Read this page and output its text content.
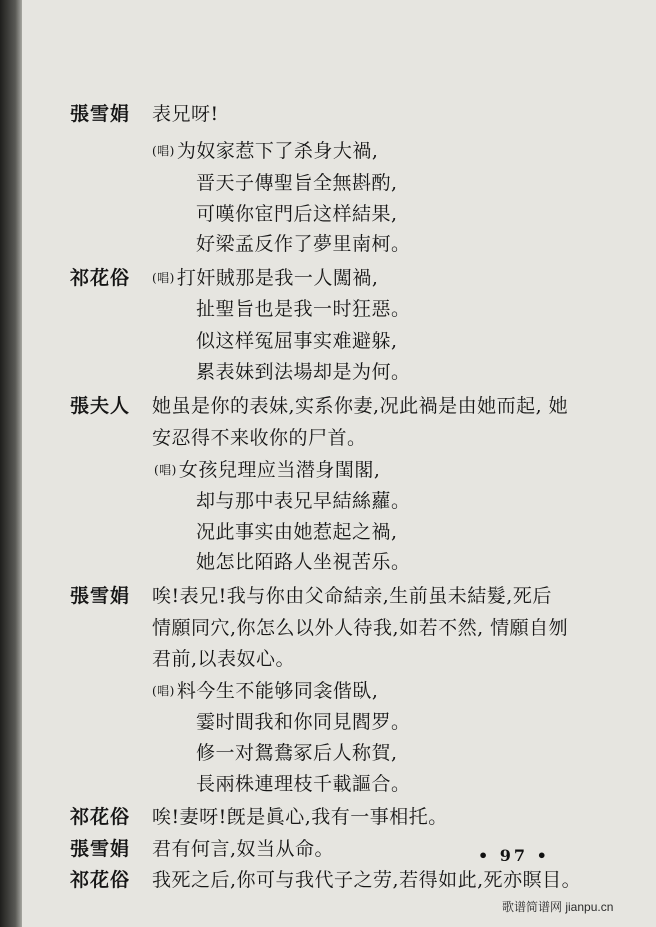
張雪娟 表兄呀!
(唱) 为奴家惹下了杀身大禍,
晋天子傳聖旨全無斟酌,
可嘆你宦門后这样結果,
好梁孟反作了夢里南柯。
祁花俗 (唱) 打奸賊那是我一人闖禍,
扯聖旨也是我一时狂惡。
似这样冤屈事实难避躲,
累表妹到法場却是为何。
張夫人 她虽是你的表妹,实系你妻,况此禍是由她而起, 她
安忍得不来收你的尸首。
(唱) 女孩兒理应当潜身閨閣,
却与那中表兄早結絲蘿。
况此事实由她惹起之禍,
她怎比陌路人坐視苦乐。
張雪娟 唉!表兄!我与你由父命結亲,生前虽未結髮,死后
情願同穴,你怎么以外人待我,如若不然, 情願自刎
君前,以表奴心。
(唱) 料今生不能够同衾偕臥,
霎时間我和你同見閻罗。
修一对鴛鴦冢后人称賀,
長兩株連理枝千載謳合。
祁花俗 唉!妻呀!旣是眞心,我有一事相托。
張雪娟 君有何言,奴当从命。
祁花俗 我死之后,你可与我代子之劳,若得如此,死亦瞑目。
• 97 •
歌谱简谱网 jianpu.cn
